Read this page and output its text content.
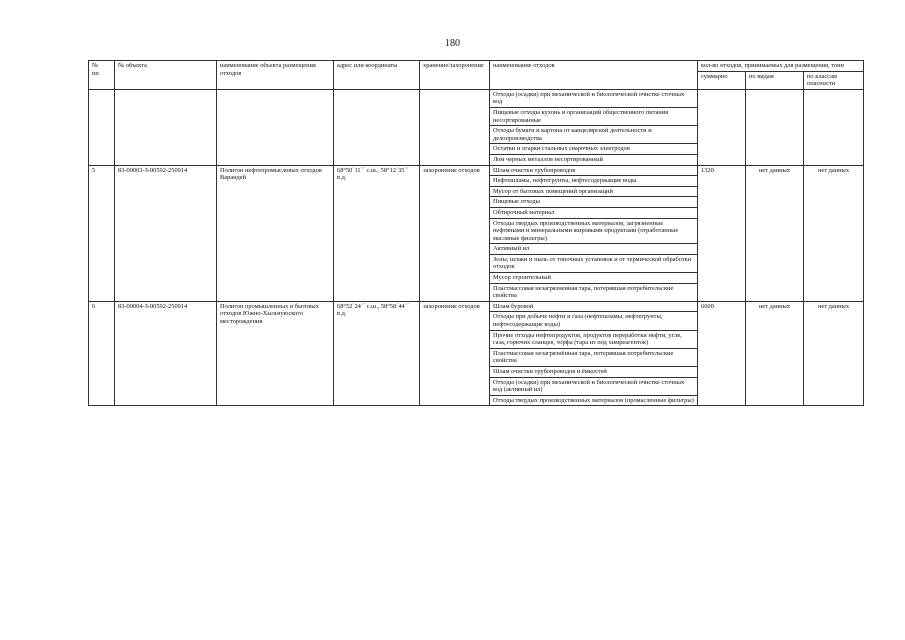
180
№
пп	№ объекта	наименование объекта размещения отходов	адрес или координаты	хранение/захоронение	наименование отходов	кол-во отходов, принимаемых для размещения, тонн		
						суммарно	по видам	по классам опасности
					Отходы (осадки) при механической и биологической очистке сточных вод			
					Пищевые отходы кухонь и организаций общественного питания несортированные			
					Отходы бумаги и картона от канцелярской деятельности и делопроизводства			
					Остатки и огарки стальных сварочных электродов			
					Лом черных металлов несортированный			
5	83-00003-З-00592-250914	Полигон нефтепромысловых отходов Варандей	68°50´11´´ с.ш., 58°12´35´´ в.д.	захоронение отходов	Шлам очистки трубопроводов	1320	нет данных	нет данных
					Нефтешламы, нефтегрунты, нефтесодержащие воды			
					Мусор от бытовых помещений организаций			
					Пищевые отходы			
					Обтирочный материал			
					Отходы твердых производственных материалов, загрязненные нефтяными и минеральными жировыми продуктами (отработанные масляные фильтры)			
					Активный ил			
					Золы, шлаки и пыль от топочных установок и от термической обработки отходов			
					Мусор строительный			
					Пластмассовая незагрязненная тара, потерявшая потребительские свойства			
6	83-00004-З-00592-250914	Полигон промышленных и бытовых отходов Южно-Хыльчуюского месторождения	68°52´24´´ с.ш., 58°58´44´´ в.д.	захоронение отходов	Шлам буровой	6600	нет данных	нет данных
					Отходы при добыче нефти и газа (нефтешламы, нефтегрунты, нефтесодержащие воды)			
					Прочие отходы нефтепродуктов, продуктов переработки нефти, угля, газа, горючих сланцев, торфа (тара из под химреагентов)			
					Пластмассовая незагрязнённая тара, потерявшая потребительские свойства			
					Шлам очистки трубопроводов и ёмкостей			
					Отходы (осадки) при механической и биологической очистке сточных вод (активный ил)			
					Отходы твердых производственных материалов (промасленные фильтры)			
